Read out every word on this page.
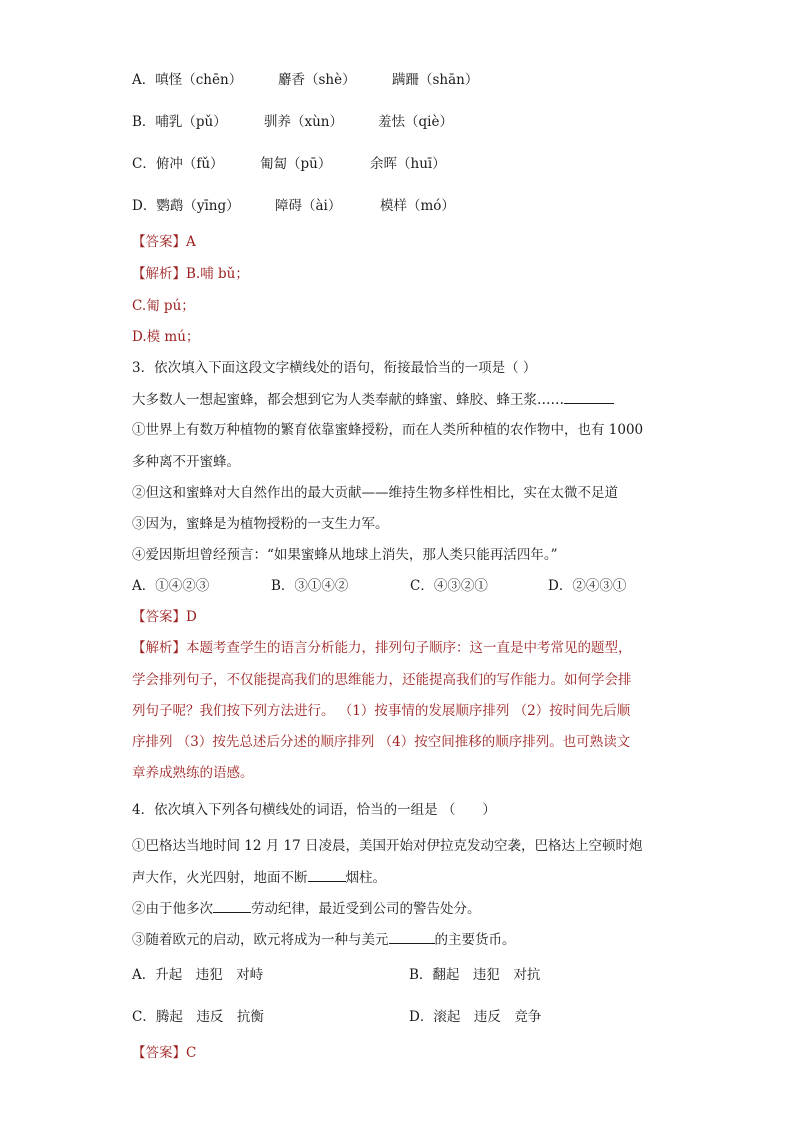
A．嗔怪（chēn）	麝香（shè）	蹒跚（shān）
B．哺乳（pǔ）	驯养（xùn）	羞怯（qiè）
C．俯冲（fǔ）	匍匐（pū）	余晖（huī）
D．鹦鹉（yīng）	障碍（ài）	模样（mó）
【答案】A
【解析】B.哺 bǔ；
C.匍 pú；
D.模 mú；
3．依次填入下面这段文字横线处的语句，衔接最恰当的一项是（ ）
大多数人一想起蜜蜂，都会想到它为人类奉献的蜂蜜、蜂胶、蜂王浆……
①世界上有数万种植物的繁育依靠蜜蜂授粉，而在人类所种植的农作物中，也有 1000
多种离不开蜜蜂。
②但这和蜜蜂对大自然作出的最大贡献——维持生物多样性相比，实在太微不足道
③因为，蜜蜂是为植物授粉的一支生力军。
④爱因斯坦曾经预言：“如果蜜蜂从地球上消失，那人类只能再活四年。”
A．①④②③	B．③①④②	C．④③②①	D．②④③①
【答案】D
【解析】本题考查学生的语言分析能力，排列句子顺序：这一直是中考常见的题型，
学会排列句子，不仅能提高我们的思维能力，还能提高我们的写作能力。如何学会排
列句子呢？我们按下列方法进行。 （1）按事情的发展顺序排列 （2）按时间先后顺
序排列 （3）按先总述后分述的顺序排列 （4）按空间推移的顺序排列。也可熟读文
章养成熟练的语感。
4．依次填入下列各句横线处的词语，恰当的一组是 （　　）
①巴格达当地时间 12 月 17 日凌晨，美国开始对伊拉克发动空袭，巴格达上空顿时炮
声大作，火光四射，地面不断	烟柱。
②由于他多次	劳动纪律，最近受到公司的警告处分。
③随着欧元的启动，欧元将成为一种与美元	的主要货币。
A．升起　违犯　对峙	B．翻起　违犯　对抗
C．腾起　违反　抗衡	D．滚起　违反　竞争
【答案】C
